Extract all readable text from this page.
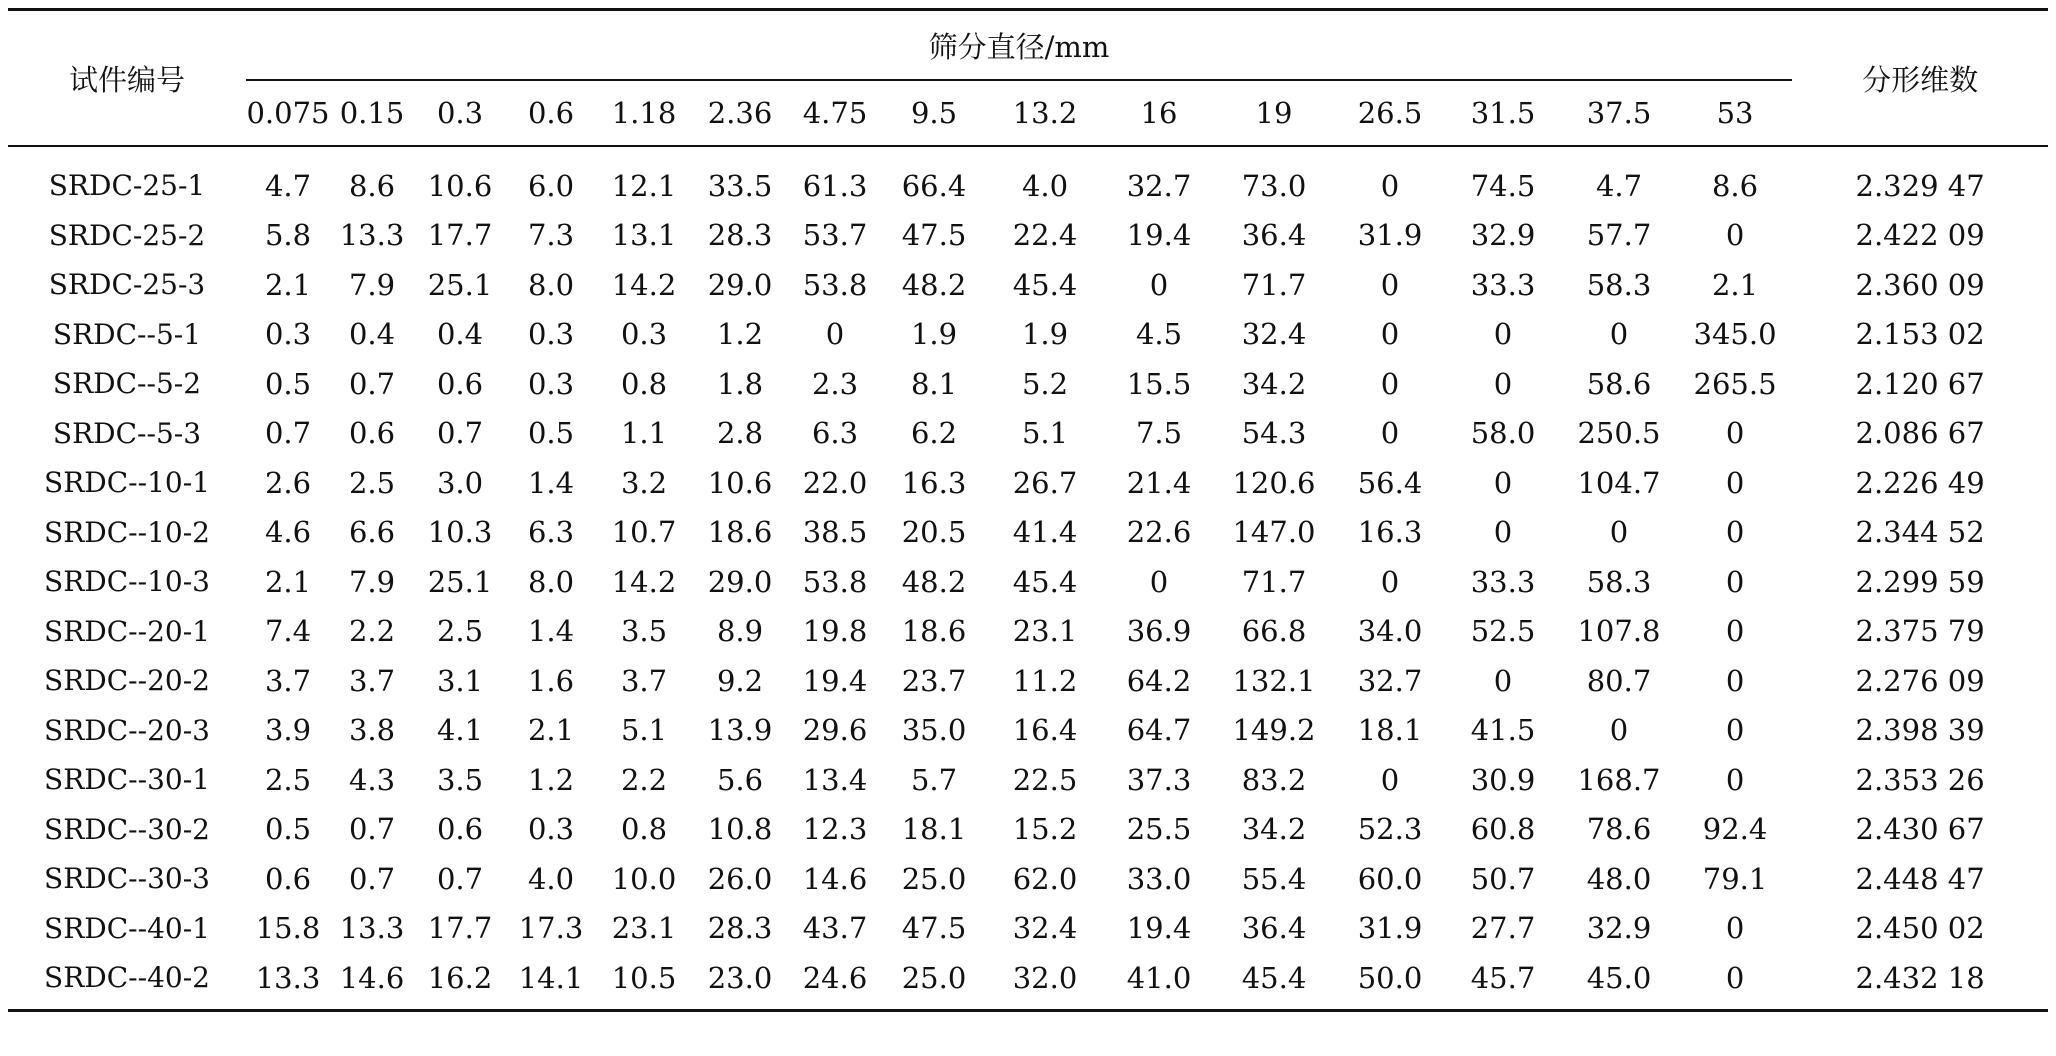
试件编号	筛分直径/mm															分形维数
	0.075	0.15	0.3	0.6	1.18	2.36	4.75	9.5	13.2	16	19	26.5	31.5	37.5	53	
SRDC-25-1	4.7	8.6	10.6	6.0	12.1	33.5	61.3	66.4	4.0	32.7	73.0	0	74.5	4.7	8.6	2.329 47
SRDC-25-2	5.8	13.3	17.7	7.3	13.1	28.3	53.7	47.5	22.4	19.4	36.4	31.9	32.9	57.7	0	2.422 09
SRDC-25-3	2.1	7.9	25.1	8.0	14.2	29.0	53.8	48.2	45.4	0	71.7	0	33.3	58.3	2.1	2.360 09
SRDC--5-1	0.3	0.4	0.4	0.3	0.3	1.2	0	1.9	1.9	4.5	32.4	0	0	0	345.0	2.153 02
SRDC--5-2	0.5	0.7	0.6	0.3	0.8	1.8	2.3	8.1	5.2	15.5	34.2	0	0	58.6	265.5	2.120 67
SRDC--5-3	0.7	0.6	0.7	0.5	1.1	2.8	6.3	6.2	5.1	7.5	54.3	0	58.0	250.5	0	2.086 67
SRDC--10-1	2.6	2.5	3.0	1.4	3.2	10.6	22.0	16.3	26.7	21.4	120.6	56.4	0	104.7	0	2.226 49
SRDC--10-2	4.6	6.6	10.3	6.3	10.7	18.6	38.5	20.5	41.4	22.6	147.0	16.3	0	0	0	2.344 52
SRDC--10-3	2.1	7.9	25.1	8.0	14.2	29.0	53.8	48.2	45.4	0	71.7	0	33.3	58.3	0	2.299 59
SRDC--20-1	7.4	2.2	2.5	1.4	3.5	8.9	19.8	18.6	23.1	36.9	66.8	34.0	52.5	107.8	0	2.375 79
SRDC--20-2	3.7	3.7	3.1	1.6	3.7	9.2	19.4	23.7	11.2	64.2	132.1	32.7	0	80.7	0	2.276 09
SRDC--20-3	3.9	3.8	4.1	2.1	5.1	13.9	29.6	35.0	16.4	64.7	149.2	18.1	41.5	0	0	2.398 39
SRDC--30-1	2.5	4.3	3.5	1.2	2.2	5.6	13.4	5.7	22.5	37.3	83.2	0	30.9	168.7	0	2.353 26
SRDC--30-2	0.5	0.7	0.6	0.3	0.8	10.8	12.3	18.1	15.2	25.5	34.2	52.3	60.8	78.6	92.4	2.430 67
SRDC--30-3	0.6	0.7	0.7	4.0	10.0	26.0	14.6	25.0	62.0	33.0	55.4	60.0	50.7	48.0	79.1	2.448 47
SRDC--40-1	15.8	13.3	17.7	17.3	23.1	28.3	43.7	47.5	32.4	19.4	36.4	31.9	27.7	32.9	0	2.450 02
SRDC--40-2	13.3	14.6	16.2	14.1	10.5	23.0	24.6	25.0	32.0	41.0	45.4	50.0	45.7	45.0	0	2.432 18
